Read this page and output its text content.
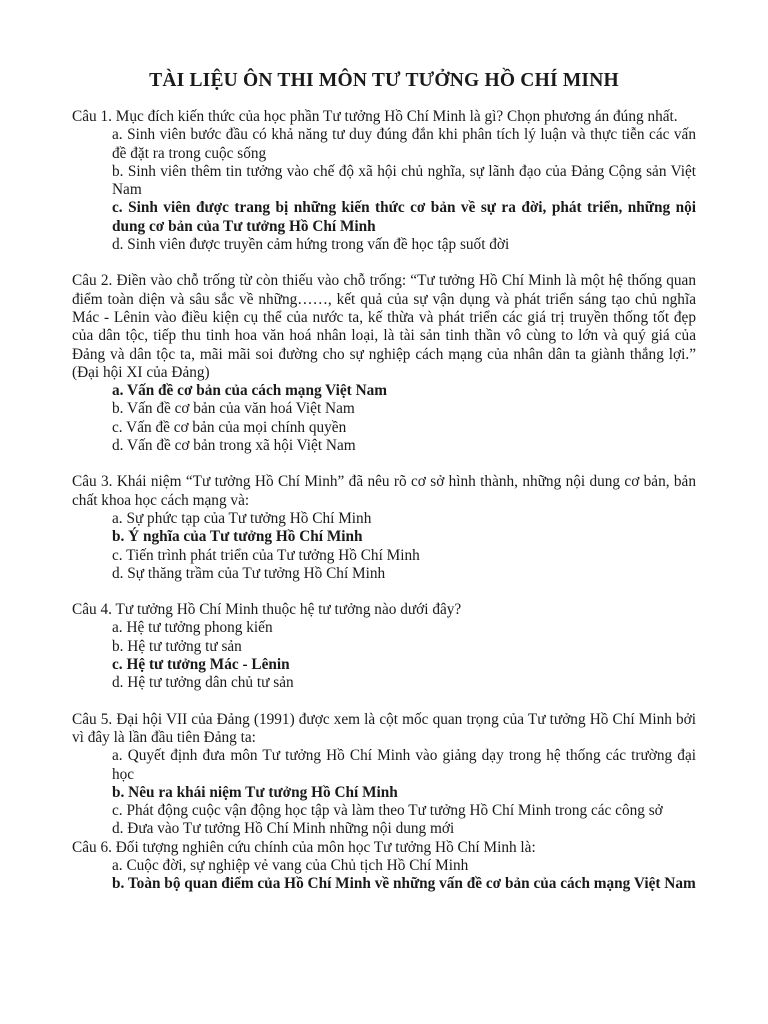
TÀI LIỆU ÔN THI MÔN TƯ TƯỞNG HỒ CHÍ MINH
Câu 1. Mục đích kiến thức của học phần Tư tưởng Hồ Chí Minh là gì? Chọn phương án đúng nhất.
a. Sinh viên bước đầu có khả năng tư duy đúng đắn khi phân tích lý luận và thực tiễn các vấn đề đặt ra trong cuộc sống
b. Sinh viên thêm tin tưởng vào chế độ xã hội chủ nghĩa, sự lãnh đạo của Đảng Cộng sản Việt Nam
c. Sinh viên được trang bị những kiến thức cơ bản về sự ra đời, phát triển, những nội dung cơ bản của Tư tưởng Hồ Chí Minh
d. Sinh viên được truyền cảm hứng trong vấn đề học tập suốt đời
Câu 2. Điền vào chỗ trống từ còn thiếu vào chỗ trống: “Tư tưởng Hồ Chí Minh là một hệ thống quan điểm toàn diện và sâu sắc về những……, kết quả của sự vận dụng và phát triển sáng tạo chủ nghĩa Mác - Lênin vào điều kiện cụ thể của nước ta, kế thừa và phát triển các giá trị truyền thống tốt đẹp của dân tộc, tiếp thu tinh hoa văn hoá nhân loại, là tài sản tinh thần vô cùng to lớn và quý giá của Đảng và dân tộc ta, mãi mãi soi đường cho sự nghiệp cách mạng của nhân dân ta giành thắng lợi.” (Đại hội XI của Đảng)
a. Vấn đề cơ bản của cách mạng Việt Nam
b. Vấn đề cơ bản của văn hoá Việt Nam
c. Vấn đề cơ bản của mọi chính quyền
d. Vấn đề cơ bản trong xã hội Việt Nam
Câu 3. Khái niệm “Tư tưởng Hồ Chí Minh” đã nêu rõ cơ sở hình thành, những nội dung cơ bản, bản chất khoa học cách mạng và:
a. Sự phức tạp của Tư tưởng Hồ Chí Minh
b. Ý nghĩa của Tư tưởng Hồ Chí Minh
c. Tiến trình phát triển của Tư tưởng Hồ Chí Minh
d. Sự thăng trầm của Tư tưởng Hồ Chí Minh
Câu 4. Tư tưởng Hồ Chí Minh thuộc hệ tư tưởng nào dưới đây?
a. Hệ tư tưởng phong kiến
b. Hệ tư tưởng tư sản
c. Hệ tư tưởng Mác - Lênin
d. Hệ tư tưởng dân chủ tư sản
Câu 5. Đại hội VII của Đảng (1991) được xem là cột mốc quan trọng của Tư tưởng Hồ Chí Minh bởi vì đây là lần đầu tiên Đảng ta:
a. Quyết định đưa môn Tư tưởng Hồ Chí Minh vào giảng dạy trong hệ thống các trường đại học
b. Nêu ra khái niệm Tư tưởng Hồ Chí Minh
c. Phát động cuộc vận động học tập và làm theo Tư tưởng Hồ Chí Minh trong các công sở
d. Đưa vào Tư tưởng Hồ Chí Minh những nội dung mới
Câu 6. Đối tượng nghiên cứu chính của môn học Tư tưởng Hồ Chí Minh là:
a. Cuộc đời, sự nghiệp vẻ vang của Chủ tịch Hồ Chí Minh
b. Toàn bộ quan điểm của Hồ Chí Minh về những vấn đề cơ bản của cách mạng Việt Nam
